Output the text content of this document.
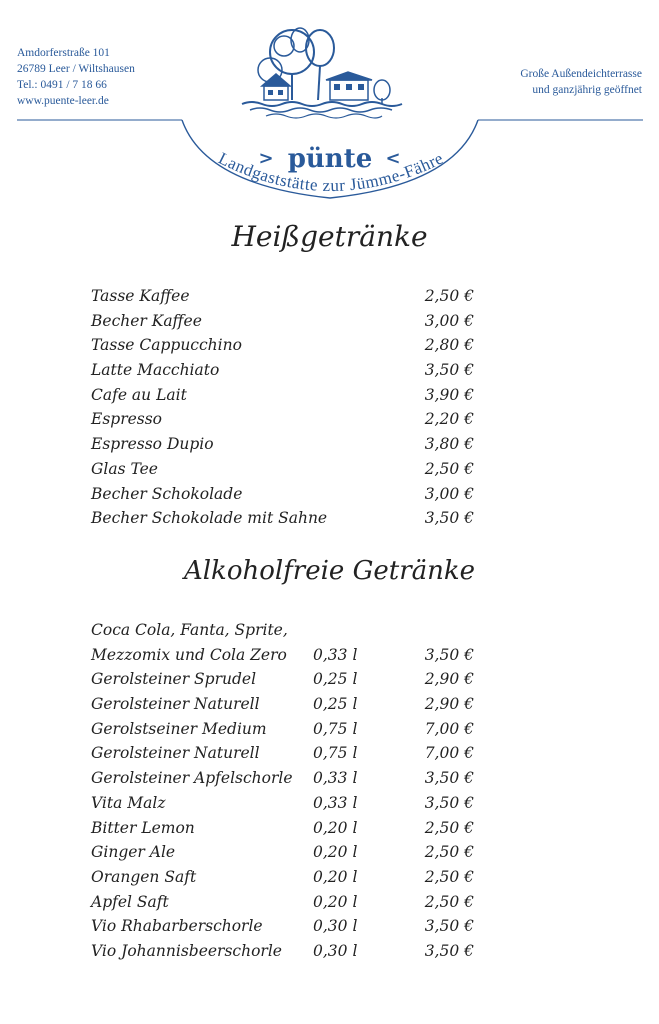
pünte
>	<
Landgaststätte zur Jümme-Fähre
Amdorferstraße 101
26789 Leer / Wiltshausen
Tel.: 0491 / 7 18 66
www.puente-leer.de
Große Außendeichterrasse
und ganzjährig geöffnet
Heißgetränke
Tasse Kaffee	2,50 €
Becher Kaffee	3,00 €
Tasse Cappucchino	2,80 €
Latte Macchiato	3,50 €
Cafe au Lait	3,90 €
Espresso	2,20 €
Espresso Dupio	3,80 €
Glas Tee	2,50 €
Becher Schokolade	3,00 €
Becher Schokolade mit Sahne	3,50 €
Alkoholfreie Getränke
Coca Cola, Fanta, Sprite,
Mezzomix und Cola Zero 0,33 l	3,50 €
Gerolsteiner Sprudel	0,25 l	2,90 €
Gerolsteiner Naturell	0,25 l	2,90 €
Gerolstseiner Medium	0,75 l	7,00 €
Gerolsteiner Naturell	0,75 l	7,00 €
Gerolsteiner Apfelschorle 0,33 l	3,50 €
Vita Malz	0,33 l	3,50 €
Bitter Lemon	0,20 l	2,50 €
Ginger Ale	0,20 l	2,50 €
Orangen Saft	0,20 l	2,50 €
Apfel Saft	0,20 l	2,50 €
Vio Rhabarberschorle	0,30 l	3,50 €
Vio Johannisbeerschorle 0,30 l	3,50 €
